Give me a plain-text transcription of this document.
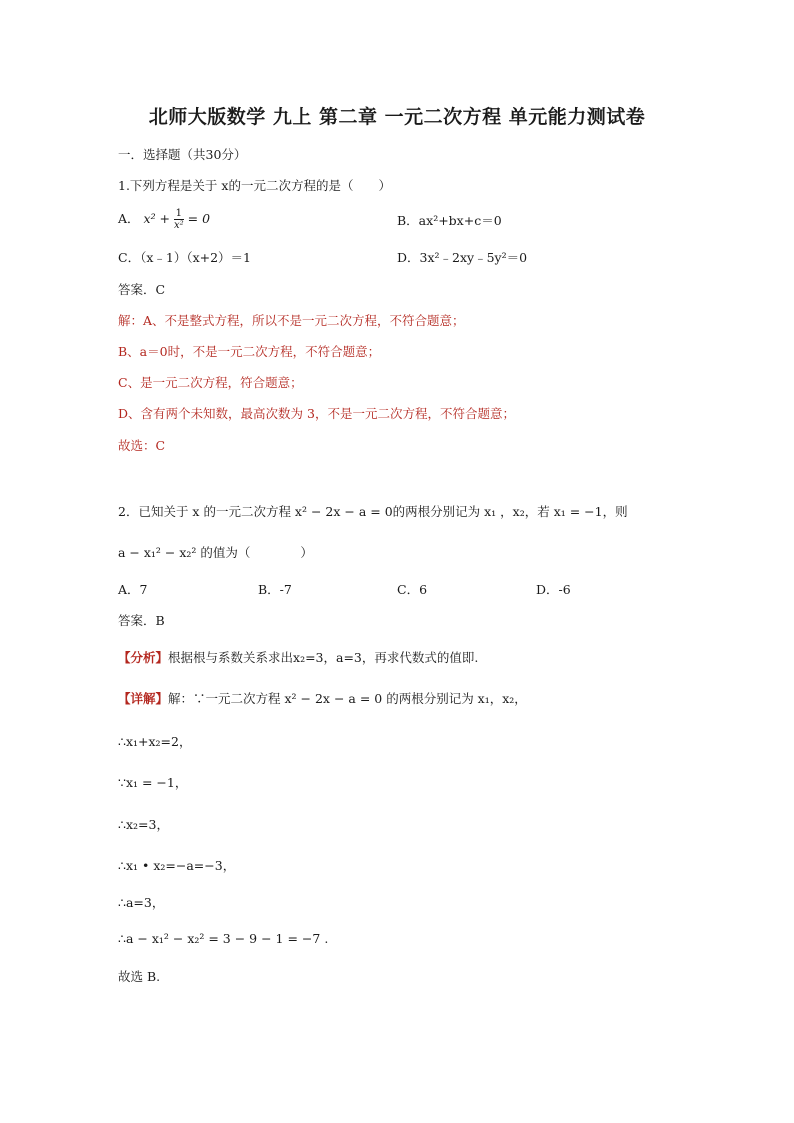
北师大版数学 九上 第二章 一元二次方程 单元能力测试卷
一．选择题（共30分）
1.下列方程是关于 x的一元二次方程的是（　　）
A． $x^2 + \frac{1}{\text{x²}} = 0$	B．ax²+bx+c＝0
C．（x﹣1）（x+2）＝1	D．3x²﹣2xy﹣5y²＝0
答案．C
解：A、不是整式方程，所以不是一元二次方程，不符合题意；
B、a＝0时，不是一元二次方程，不符合题意；
C、是一元二次方程，符合题意；
D、含有两个未知数，最高次数为 3，不是一元二次方程，不符合题意；
故选：C
2．已知关于 x 的一元二次方程 x² − 2x − a = 0的两根分别记为 x₁ ，x₂，若 x₁ = −1，则
a − x₁² − x₂² 的值为（　　　　）
A．7	B．-7	C．6	D．-6
答案．B
【分析】根据根与系数关系求出x₂=3，a=3，再求代数式的值即.
【详解】解：∵一元二次方程 x² − 2x − a = 0 的两根分别记为 x₁，x₂，
∴x₁+x₂=2，
∵x₁ = −1，
∴x₂=3，
∴x₁ • x₂=−a=−3，
∴a=3，
∴a − x₁² − x₂² = 3 − 9 − 1 = −7 .
故选 B.
